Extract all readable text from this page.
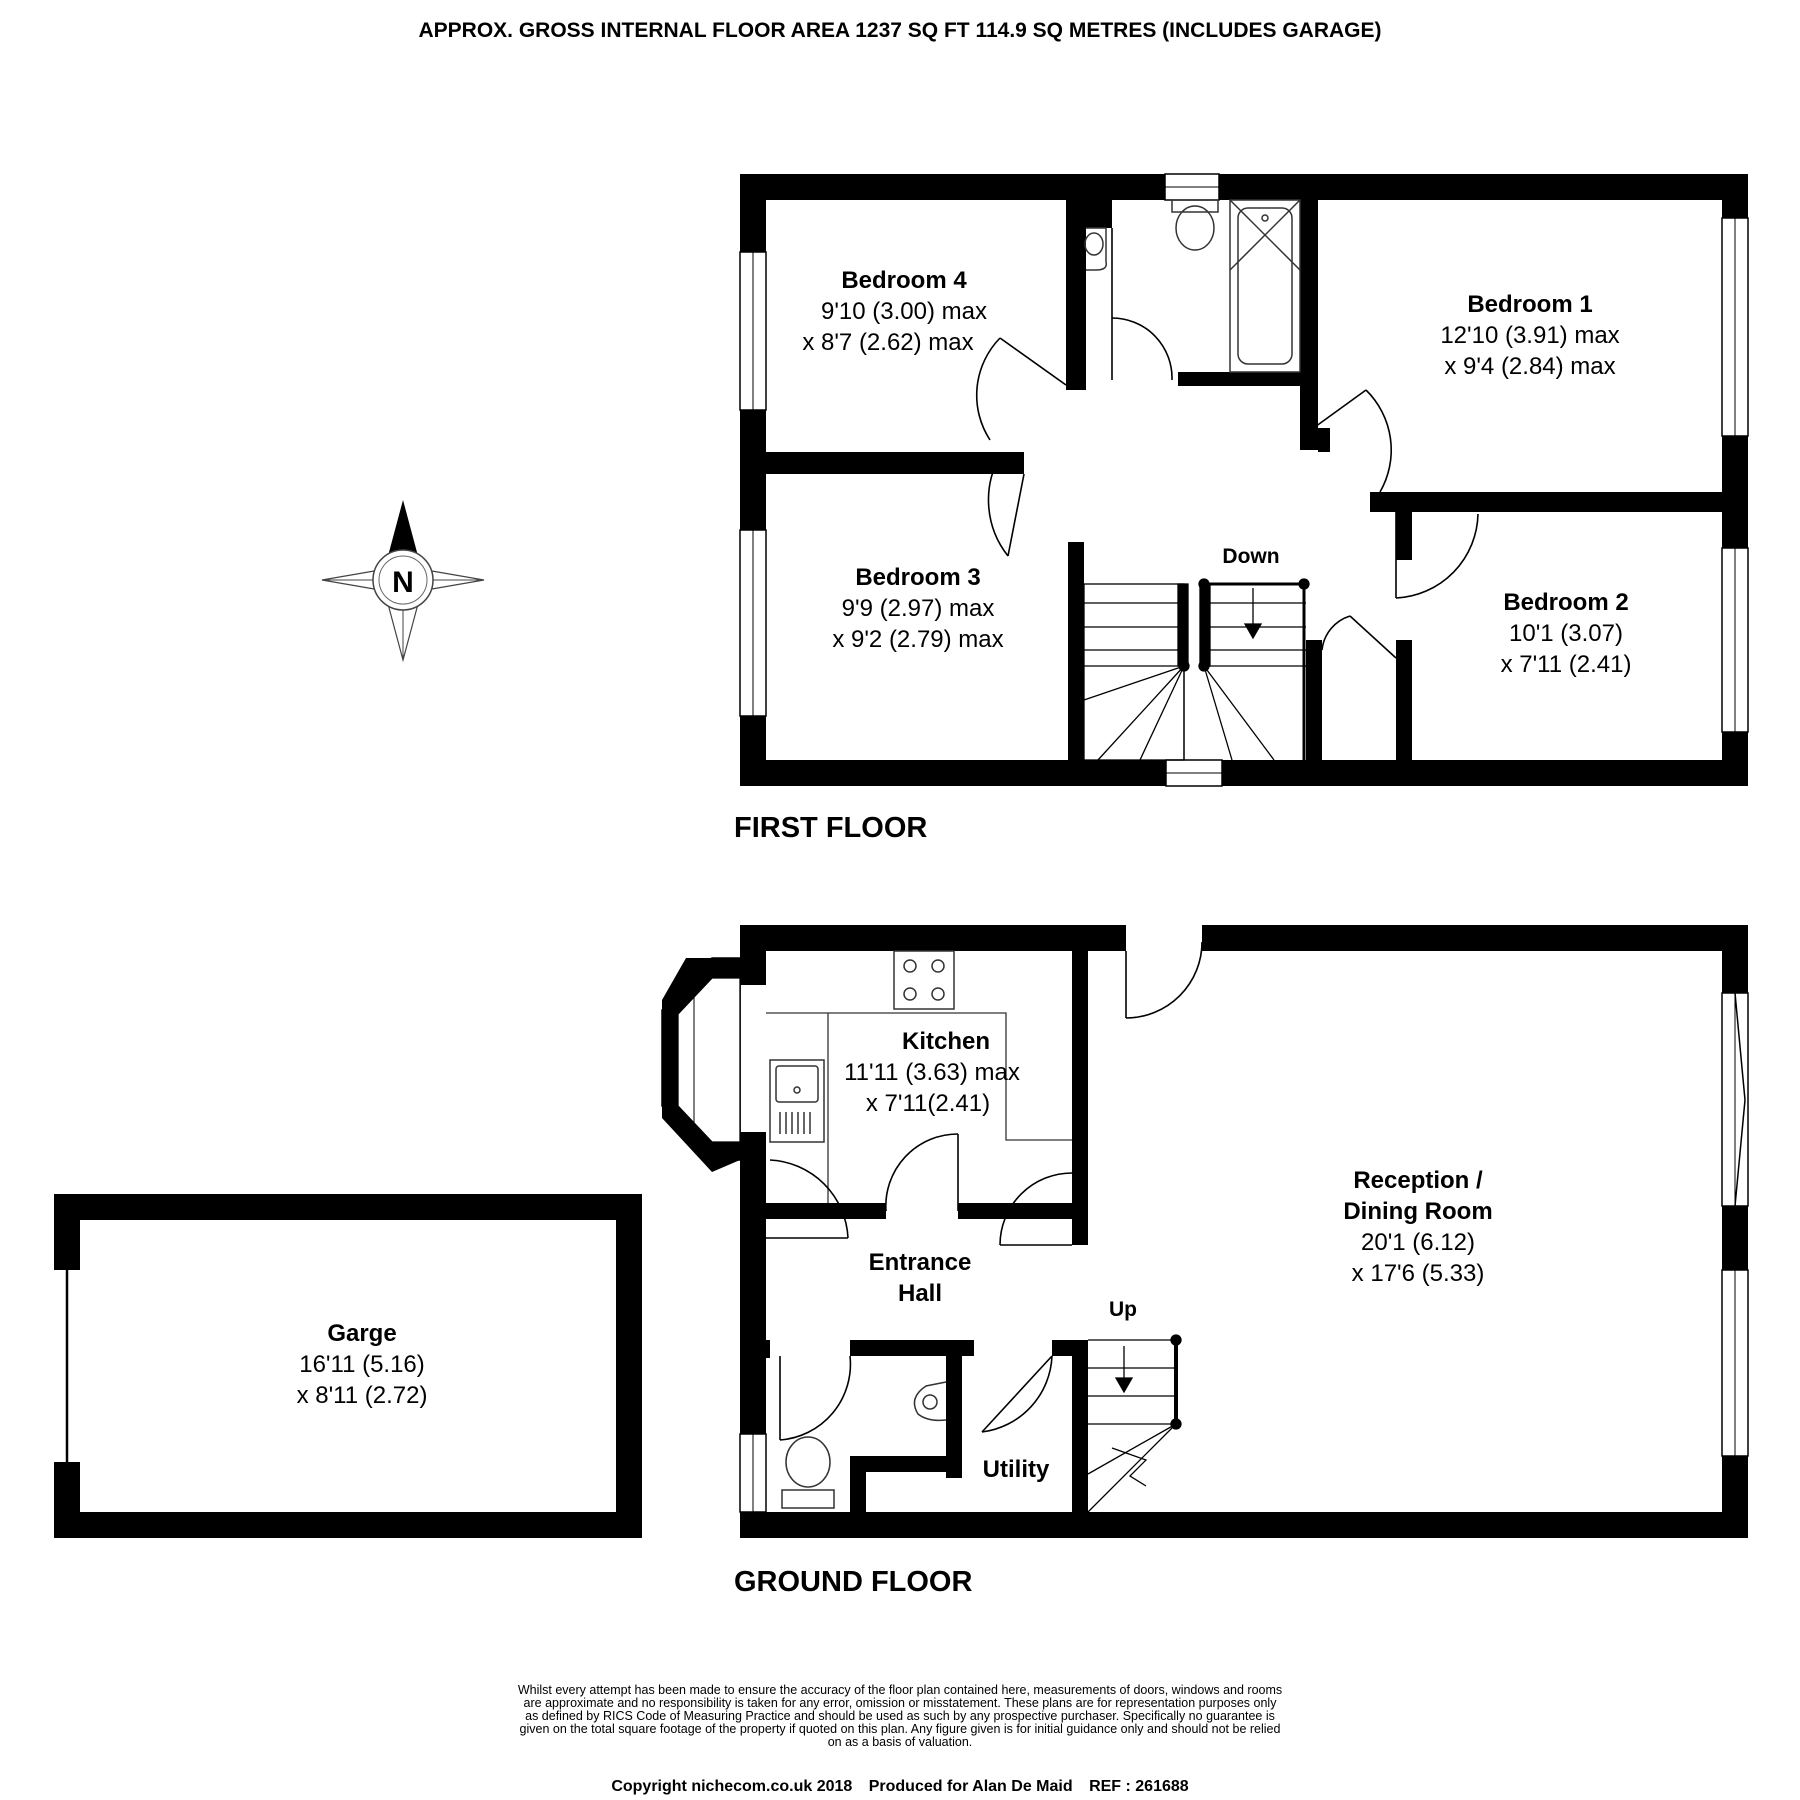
APPROX. GROSS INTERNAL FLOOR AREA 1237 SQ FT 114.9 SQ METRES (INCLUDES GARAGE)
N
Down
Bedroom 4
9'10 (3.00) max
x 8'7 (2.62) max
Bedroom 1
12'10 (3.91) max
x 9'4 (2.84) max
Bedroom 3
9'9 (2.97) max
x 9'2 (2.79) max
Bedroom 2
10'1 (3.07)
x 7'11 (2.41)
FIRST FLOOR
Up
Kitchen
11'11 (3.63) max
x 7'11(2.41)
Entrance
Hall
Utility
Reception /
Dining Room
20'1 (6.12)
x 17'6 (5.33)
Garge
16'11 (5.16)
x 8'11 (2.72)
GROUND FLOOR
Whilst every attempt has been made to ensure the accuracy of the floor plan contained here, measurements of doors, windows and rooms
are approximate and no responsibility is taken for any error, omission or misstatement. These plans are for representation purposes only
as defined by RICS Code of Measuring Practice and should be used as such by any prospective purchaser. Specifically no guarantee is
given on the total square footage of the property if quoted on this plan. Any figure given is for initial guidance only and should not be relied
on as a basis of valuation.
Copyright nichecom.co.uk 2018 Produced for Alan De Maid REF : 261688
